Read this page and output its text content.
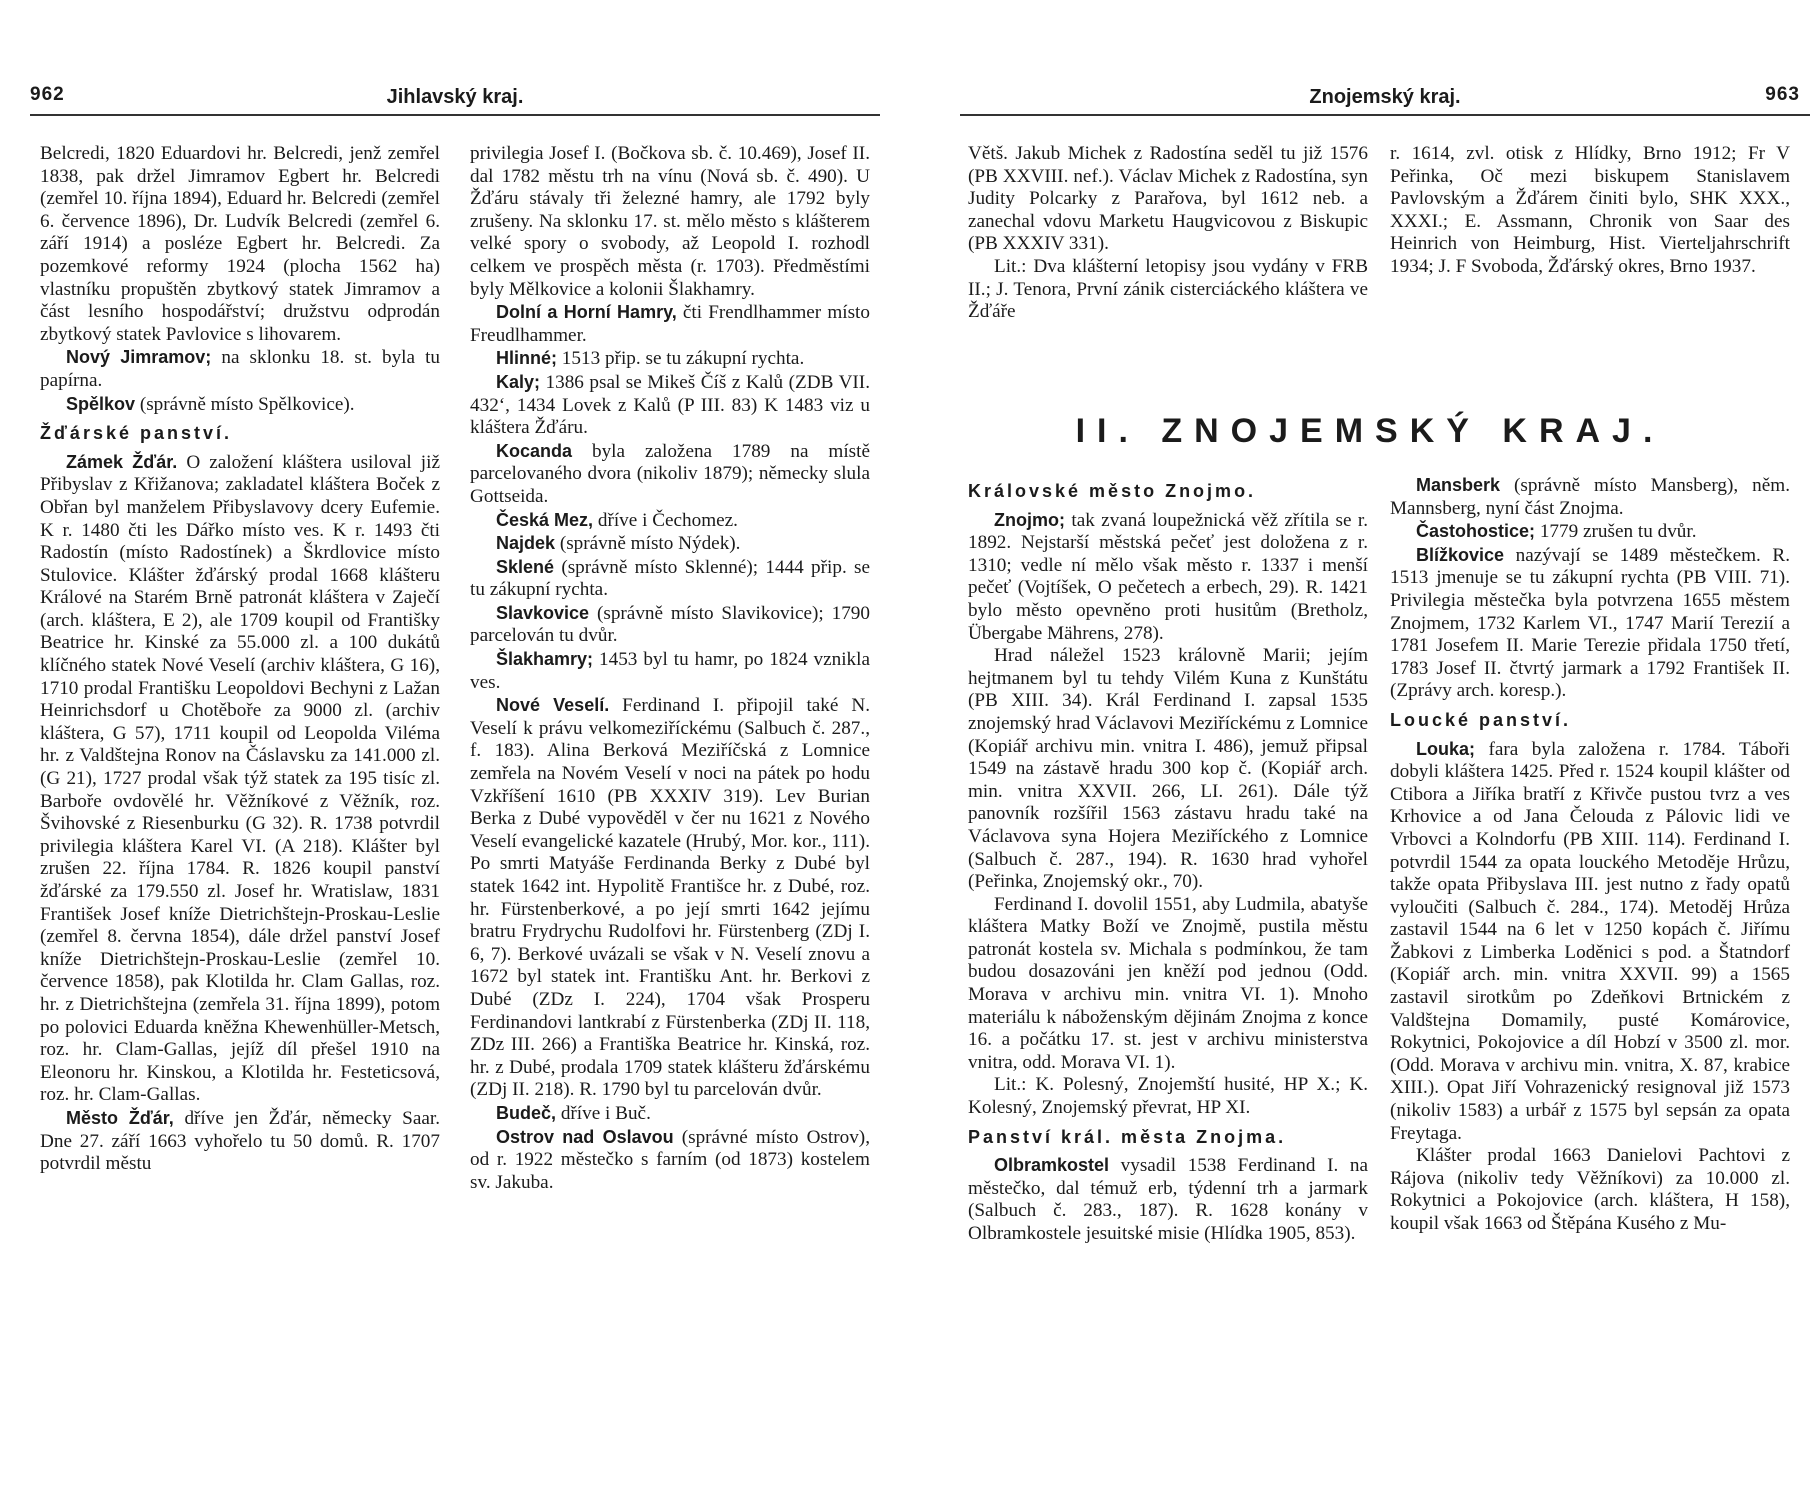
962	Jihlavský kraj.

Belcredi, 1820 Eduardovi hr. Belcredi, jenž zemřel 1838, pak držel Jimramov Egbert hr. Belcredi (zemřel 10. října 1894), Eduard hr. Belcredi (zemřel 6. července 1896), Dr. Ludvík Belcredi (zemřel 6. září 1914) a posléze Egbert hr. Belcredi. Za pozemkové reformy 1924 (plocha 1562 ha) vlastníku propuštěn zbytkový statek Jimramov a část lesního hospodářství; družstvu odprodán zbytkový statek Pavlovice s lihovarem.

Nový Jimramov; na sklonku 18. st. byla tu papírna.

Spělkov (správně místo Spělkovice).

Žďárské panství.

Zámek Žďár. O založení kláštera usiloval již Přibyslav z Křižanova; zakladatel kláštera Boček z Obřan byl manželem Přibyslavovy dcery Eufemie. K r. 1480 čti les Dářko místo ves. K r. 1493 čti Radostín (místo Radostínek) a Škrdlovice místo Stulovice. Klášter žďárský prodal 1668 klášteru Králové na Starém Brně patronát kláštera v Zaječí (arch. kláštera, E 2), ale 1709 koupil od Františky Beatrice hr. Kinské za 55.000 zl. a 100 dukátů klíčného statek Nové Veselí (archiv kláštera, G 16), 1710 prodal Františku Leopoldovi Bechyni z Lažan Heinrichsdorf u Chotěboře za 9000 zl. (archiv kláštera, G 57), 1711 koupil od Leopolda Viléma hr. z Valdštejna Ronov na Čáslavsku za 141.000 zl. (G 21), 1727 prodal však týž statek za 195 tisíc zl. Barboře ovdovělé hr. Věžníkové z Věžník, roz. Švihovské z Riesenburku (G 32). R. 1738 potvrdil privilegia kláštera Karel VI. (A 218). Klášter byl zrušen 22. října 1784. R. 1826 koupil panství žďárské za 179.550 zl. Josef hr. Wratislaw, 1831 František Josef kníže Dietrichštejn-Proskau-Leslie (zemřel 8. června 1854), dále držel panství Josef kníže Dietrichštejn-Proskau-Leslie (zemřel 10. července 1858), pak Klotilda hr. Clam Gallas, roz. hr. z Dietrichštejna (zemřela 31. října 1899), potom po polovici Eduarda kněžna Khewenhüller-Metsch, roz. hr. Clam-Gallas, jejíž díl přešel 1910 na Eleonoru hr. Kinskou, a Klotilda hr. Festeticsová, roz. hr. Clam-Gallas.

Město Žďár, dříve jen Žďár, německy Saar. Dne 27. září 1663 vyhořelo tu 50 domů. R. 1707 potvrdil městu

privilegia Josef I. (Bočkova sb. č. 10.469), Josef II. dal 1782 městu trh na vínu (Nová sb. č. 490). U Žďáru stávaly tři železné hamry, ale 1792 byly zrušeny. Na sklonku 17. st. mělo město s klášterem velké spory o svobody, až Leopold I. rozhodl celkem ve prospěch města (r. 1703). Předměstími byly Mělkovice a kolonii Šlakhamry.

Dolní a Horní Hamry, čti Frendlhammer místo Freudlhammer.

Hlinné; 1513 přip. se tu zákupní rychta.

Kaly; 1386 psal se Mikeš Číš z Kalů (ZDB VII. 432‘, 1434 Lovek z Kalů (P III. 83) K 1483 viz u kláštera Žďáru.

Kocanda byla založena 1789 na místě parcelovaného dvora (nikoliv 1879); německy slula Gottseida.

Česká Mez, dříve i Čechomez.

Najdek (správně místo Nýdek).

Sklené (správně místo Sklenné); 1444 přip. se tu zákupní rychta.

Slavkovice (správně místo Slavikovice); 1790 parcelován tu dvůr.

Šlakhamry; 1453 byl tu hamr, po 1824 vznikla ves.

Nové Veselí. Ferdinand I. připojil také N. Veselí k právu velkomeziříckému (Salbuch č. 287., f. 183). Alina Berková Meziříčská z Lomnice zemřela na Novém Veselí v noci na pátek po hodu Vzkříšení 1610 (PB XXXIV 319). Lev Burian Berka z Dubé vypověděl v čer nu 1621 z Nového Veselí evangelické kazatele (Hrubý, Mor. kor., 111). Po smrti Matyáše Ferdinanda Berky z Dubé byl statek 1642 int. Hypolitě Františce hr. z Dubé, roz. hr. Fürstenberkové, a po její smrti 1642 jejímu bratru Frydrychu Rudolfovi hr. Fürstenberg (ZDj I. 6, 7). Berkové uvázali se však v N. Veselí znovu a 1672 byl statek int. Františku Ant. hr. Berkovi z Dubé (ZDz I. 224), 1704 však Prosperu Ferdinandovi lantkrabí z Fürstenberka (ZDj II. 118, ZDz III. 266) a Františka Beatrice hr. Kinská, roz. hr. z Dubé, prodala 1709 statek klášteru žďárskému (ZDj II. 218). R. 1790 byl tu parcelován dvůr.

Budeč, dříve i Buč.

Ostrov nad Oslavou (správné místo Ostrov), od r. 1922 městečko s farním (od 1873) kostelem sv. Jakuba.

Znojemský kraj.	963

Větš. Jakub Michek z Radostína seděl tu již 1576 (PB XXVIII. nef.). Václav Michek z Radostína, syn Judity Polcarky z Parařova, byl 1612 neb. a zanechal vdovu Marketu Haugvicovou z Biskupic (PB XXXIV 331).

Lit.: Dva klášterní letopisy jsou vydány v FRB II.; J. Tenora, První zánik cisterciáckého kláštera ve Žďáře

r. 1614, zvl. otisk z Hlídky, Brno 1912; Fr V Peřinka, Oč mezi biskupem Stanislavem Pavlovským a Žďárem činiti bylo, SHK XXX., XXXI.; E. Assmann, Chronik von Saar des Heinrich von Heimburg, Hist. Vierteljahrschrift 1934; J. F Svoboda, Žďárský okres, Brno 1937.

II. ZNOJEMSKÝ KRAJ.
Královské město Znojmo.

Znojmo; tak zvaná loupežnická věž zřítila se r. 1892. Nejstarší městská pečeť jest doložena z r. 1310; vedle ní mělo však město r. 1337 i menší pečeť (Vojtíšek, O pečetech a erbech, 29). R. 1421 bylo město opevněno proti husitům (Bretholz, Übergabe Mährens, 278).

Hrad náležel 1523 královně Marii; jejím hejtmanem byl tu tehdy Vilém Kuna z Kunštátu (PB XIII. 34). Král Ferdinand I. zapsal 1535 znojemský hrad Václavovi Meziříckému z Lomnice (Kopiář archivu min. vnitra I. 486), jemuž připsal 1549 na zástavě hradu 300 kop č. (Kopiář arch. min. vnitra XXVII. 266, LI. 261). Dále týž panovník rozšířil 1563 zástavu hradu také na Václavova syna Hojera Meziříckého z Lomnice (Salbuch č. 287., 194). R. 1630 hrad vyhořel (Peřinka, Znojemský okr., 70).

Ferdinand I. dovolil 1551, aby Ludmila, abatyše kláštera Matky Boží ve Znojmě, pustila městu patronát kostela sv. Michala s podmínkou, že tam budou dosazováni jen kněží pod jednou (Odd. Morava v archivu min. vnitra VI. 1). Mnoho materiálu k náboženským dějinám Znojma z konce 16. a počátku 17. st. jest v archivu ministerstva vnitra, odd. Morava VI. 1).

Lit.: K. Polesný, Znojemští husité, HP X.; K. Kolesný, Znojemský převrat, HP XI.

Panství král. města Znojma.

Olbramkostel vysadil 1538 Ferdinand I. na městečko, dal témuž erb, týdenní trh a jarmark (Salbuch č. 283., 187). R. 1628 konány v Olbramkostele jesuitské misie (Hlídka 1905, 853).

Mansberk (správně místo Mansberg), něm. Mannsberg, nyní část Znojma.

Častohostice; 1779 zrušen tu dvůr.

Blížkovice nazývají se 1489 městečkem. R. 1513 jmenuje se tu zákupní rychta (PB VIII. 71). Privilegia městečka byla potvrzena 1655 městem Znojmem, 1732 Karlem VI., 1747 Marií Terezií a 1781 Josefem II. Marie Terezie přidala 1750 třetí, 1783 Josef II. čtvrtý jarmark a 1792 František II. (Zprávy arch. koresp.).

Loucké panství.

Louka; fara byla založena r. 1784. Táboři dobyli kláštera 1425. Před r. 1524 koupil klášter od Ctibora a Jiříka bratří z Křivče pustou tvrz a ves Krhovice a od Jana Čelouda z Pálovic lidi ve Vrbovci a Kolndorfu (PB XIII. 114). Ferdinand I. potvrdil 1544 za opata louckého Metoděje Hrůzu, takže opata Přibyslava III. jest nutno z řady opatů vyloučiti (Salbuch č. 284., 174). Metoděj Hrůza zastavil 1544 na 6 let v 1250 kopách č. Jiřímu Žabkovi z Limberka Loděnici s pod. a Štatndorf (Kopiář arch. min. vnitra XXVII. 99) a 1565 zastavil sirotkům po Zdeňkovi Brtnickém z Valdštejna Domamily, pusté Komárovice, Rokytnici, Pokojovice a díl Hobzí v 3500 zl. mor. (Odd. Morava v archivu min. vnitra, X. 87, krabice XIII.). Opat Jiří Vohrazenický resignoval již 1573 (nikoliv 1583) a urbář z 1575 byl sepsán za opata Freytaga.

Klášter prodal 1663 Danielovi Pachtovi z Rájova (nikoliv tedy Věžníkovi) za 10.000 zl. Rokytnici a Pokojovice (arch. kláštera, H 158), koupil však 1663 od Štěpána Kusého z Mu-
